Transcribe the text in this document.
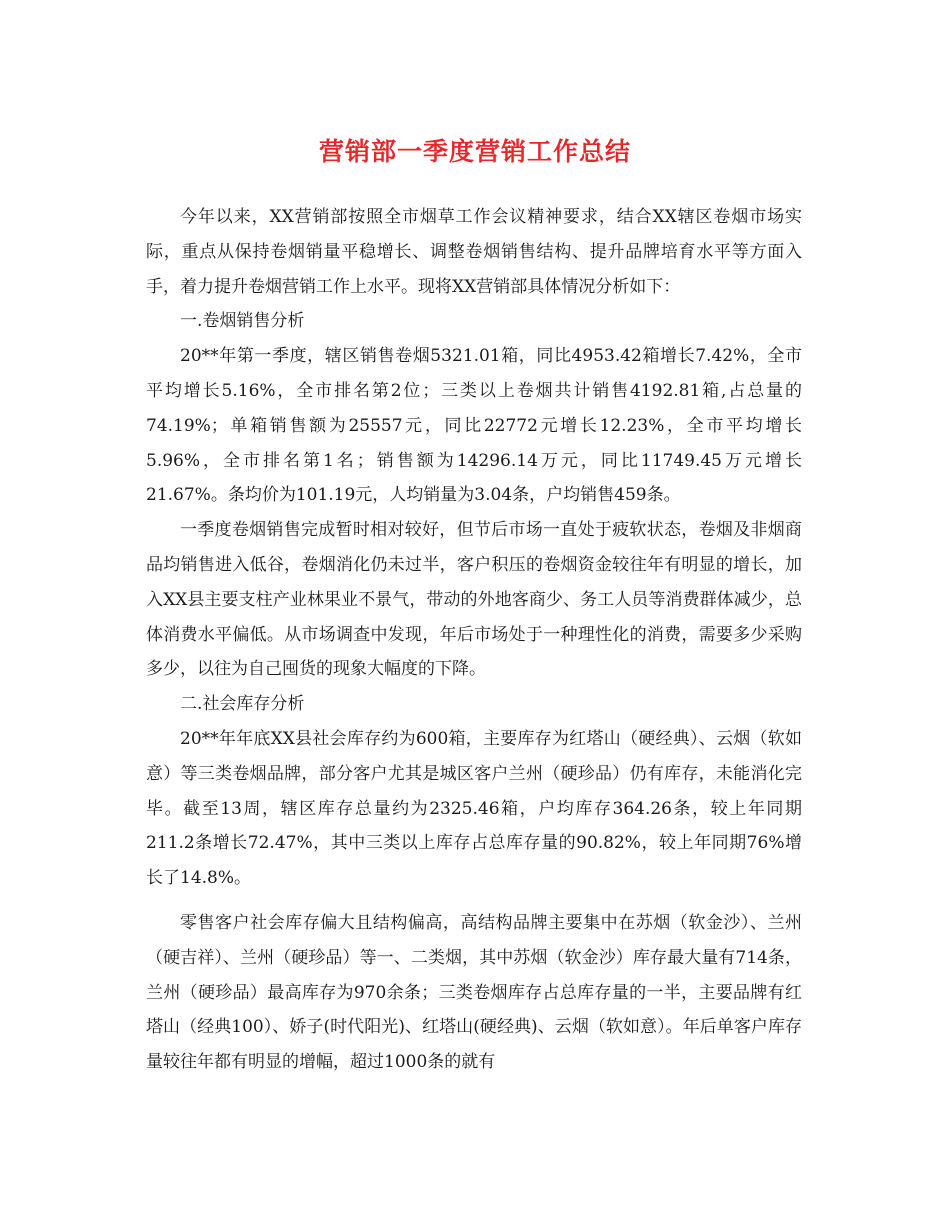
营销部一季度营销工作总结

今年以来，XX营销部按照全市烟草工作会议精神要求，结合XX辖区卷烟市场实际，重点从保持卷烟销量平稳增长、调整卷烟销售结构、提升品牌培育水平等方面入手，着力提升卷烟营销工作上水平。现将XX营销部具体情况分析如下：

一.卷烟销售分析

20**年第一季度，辖区销售卷烟5321.01箱，同比4953.42箱增长7.42%，全市平均增长5.16%，全市排名第2位；三类以上卷烟共计销售4192.81箱,占总量的74.19%；单箱销售额为25557元，同比22772元增长12.23%，全市平均增长5.96%，全市排名第1名；销售额为14296.14万元，同比11749.45万元增长21.67%。条均价为101.19元，人均销量为3.04条，户均销售459条。

一季度卷烟销售完成暂时相对较好，但节后市场一直处于疲软状态，卷烟及非烟商品均销售进入低谷，卷烟消化仍未过半，客户积压的卷烟资金较往年有明显的增长，加入XX县主要支柱产业林果业不景气，带动的外地客商少、务工人员等消费群体减少，总体消费水平偏低。从市场调查中发现，年后市场处于一种理性化的消费，需要多少采购多少，以往为自己囤货的现象大幅度的下降。

二.社会库存分析

20**年年底XX县社会库存约为600箱，主要库存为红塔山（硬经典）、云烟（软如意）等三类卷烟品牌，部分客户尤其是城区客户兰州（硬珍品）仍有库存，未能消化完毕。截至13周，辖区库存总量约为2325.46箱，户均库存364.26条，较上年同期211.2条增长72.47%，其中三类以上库存占总库存量的90.82%，较上年同期76%增长了14.8%。

零售客户社会库存偏大且结构偏高，高结构品牌主要集中在苏烟（软金沙）、兰州（硬吉祥）、兰州（硬珍品）等一、二类烟，其中苏烟（软金沙）库存最大量有714条，兰州（硬珍品）最高库存为970余条；三类卷烟库存占总库存量的一半，主要品牌有红塔山（经典100）、娇子(时代阳光)、红塔山(硬经典)、云烟（软如意）。年后单客户库存量较往年都有明显的增幅，超过1000条的就有
